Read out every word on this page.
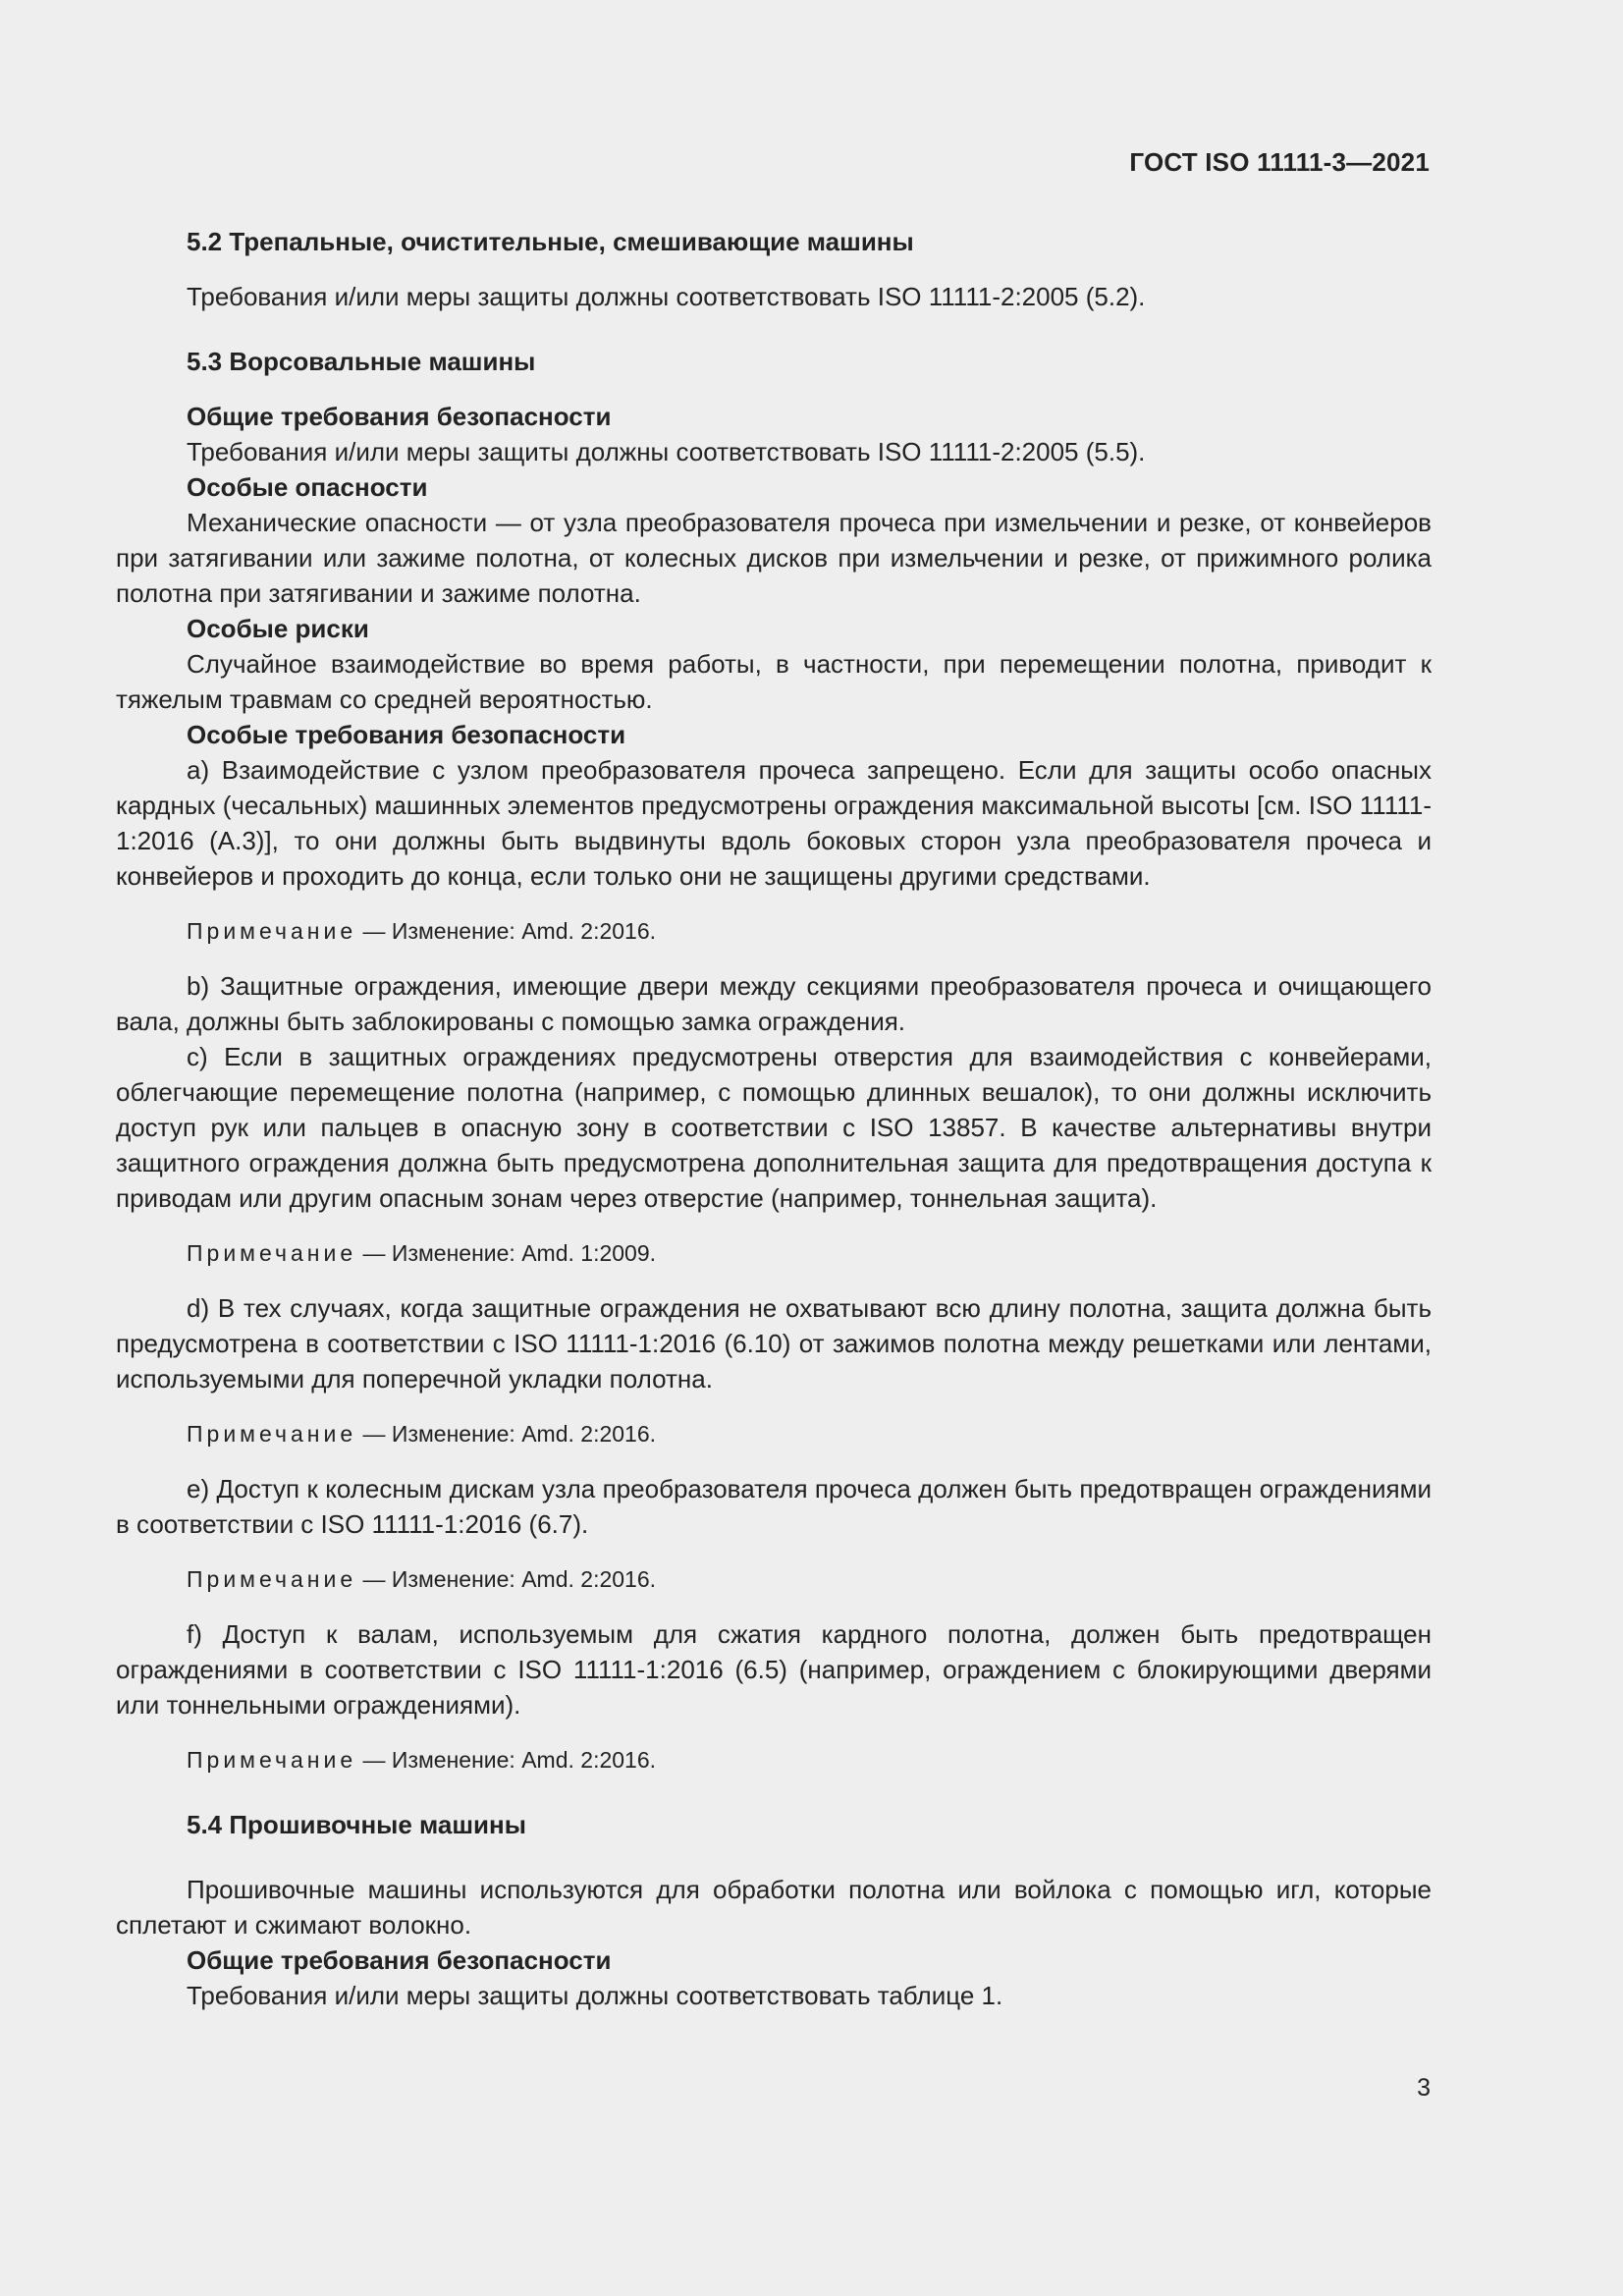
ГОСТ ISO 11111-3—2021

5.2 Трепальные, очистительные, смешивающие машины

Требования и/или меры защиты должны соответствовать ISO 11111-2:2005 (5.2).

5.3 Ворсовальные машины

Общие требования безопасности

Требования и/или меры защиты должны соответствовать ISO 11111-2:2005 (5.5).

Особые опасности

Механические опасности — от узла преобразователя прочеса при измельчении и резке, от конвейеров при затягивании или зажиме полотна, от колесных дисков при измельчении и резке, от прижимного ролика полотна при затягивании и зажиме полотна.

Особые риски

Случайное взаимодействие во время работы, в частности, при перемещении полотна, приводит к тяжелым травмам со средней вероятностью.

Особые требования безопасности

а) Взаимодействие с узлом преобразователя прочеса запрещено. Если для защиты особо опасных кардных (чесальных) машинных элементов предусмотрены ограждения максимальной высоты [см. ISO 11111-1:2016 (А.3)], то они должны быть выдвинуты вдоль боковых сторон узла преобразователя прочеса и конвейеров и проходить до конца, если только они не защищены другими средствами.

Примечание — Изменение: Amd. 2:2016.

b) Защитные ограждения, имеющие двери между секциями преобразователя прочеса и очищающего вала, должны быть заблокированы с помощью замка ограждения.

с) Если в защитных ограждениях предусмотрены отверстия для взаимодействия с конвейерами, облегчающие перемещение полотна (например, с помощью длинных вешалок), то они должны исключить доступ рук или пальцев в опасную зону в соответствии с ISO 13857. В качестве альтернативы внутри защитного ограждения должна быть предусмотрена дополнительная защита для предотвращения доступа к приводам или другим опасным зонам через отверстие (например, тоннельная защита).

Примечание — Изменение: Amd. 1:2009.

d) В тех случаях, когда защитные ограждения не охватывают всю длину полотна, защита должна быть предусмотрена в соответствии с ISO 11111-1:2016 (6.10) от зажимов полотна между решетками или лентами, используемыми для поперечной укладки полотна.

Примечание — Изменение: Amd. 2:2016.

е) Доступ к колесным дискам узла преобразователя прочеса должен быть предотвращен ограждениями в соответствии с ISO 11111-1:2016 (6.7).

Примечание — Изменение: Amd. 2:2016.

f) Доступ к валам, используемым для сжатия кардного полотна, должен быть предотвращен ограждениями в соответствии с ISO 11111-1:2016 (6.5) (например, ограждением с блокирующими дверями или тоннельными ограждениями).

Примечание — Изменение: Amd. 2:2016.

5.4 Прошивочные машины

Прошивочные машины используются для обработки полотна или войлока с помощью игл, которые сплетают и сжимают волокно.

Общие требования безопасности

Требования и/или меры защиты должны соответствовать таблице 1.

3
